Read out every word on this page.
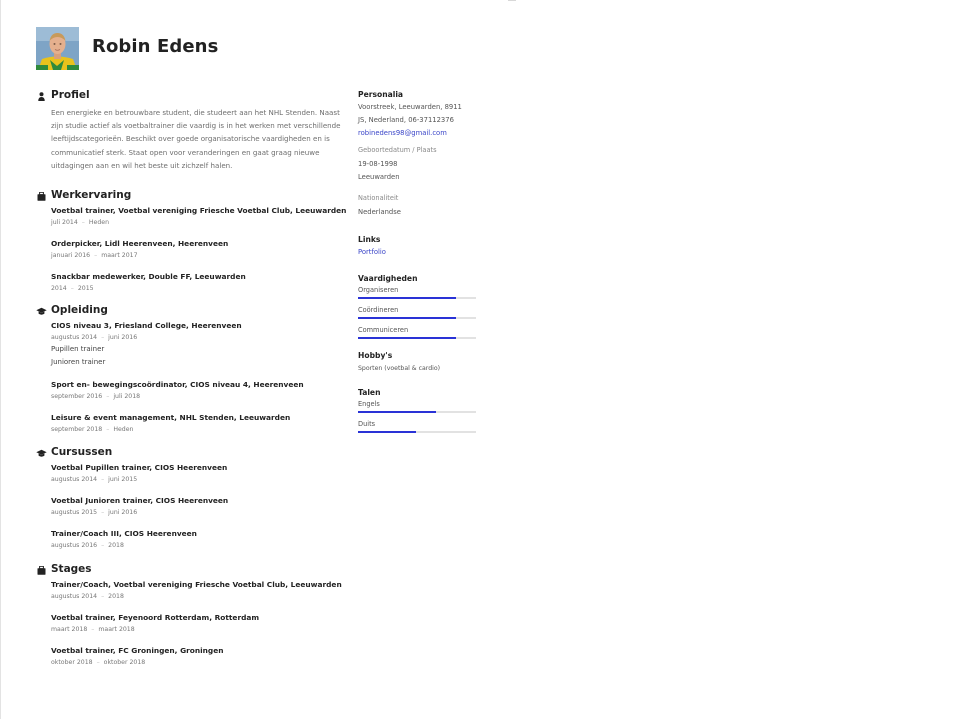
Robin Edens
Profiel
Een energieke en betrouwbare student, die studeert aan het NHL Stenden. Naast zijn studie actief als voetbaltrainer die vaardig is in het werken met verschillende leeftijdscategorieën. Beschikt over goede organisatorische vaardigheden en is communicatief sterk. Staat open voor veranderingen en gaat graag nieuwe uitdagingen aan en wil het beste uit zichzelf halen.
Werkervaring
Voetbal trainer, Voetbal vereniging Friesche Voetbal Club, Leeuwarden
juli 2014 – Heden
Orderpicker, Lidl Heerenveen, Heerenveen
januari 2016 – maart 2017
Snackbar medewerker, Double FF, Leeuwarden
2014 – 2015
Opleiding
CIOS niveau 3, Friesland College, Heerenveen
augustus 2014 – juni 2016
Pupillen trainer
Junioren trainer
Sport en- bewegingscoördinator, CIOS niveau 4, Heerenveen
september 2016 – juli 2018
Leisure & event management, NHL Stenden, Leeuwarden
september 2018 – Heden
Cursussen
Voetbal Pupillen trainer, CIOS Heerenveen
augustus 2014 – juni 2015
Voetbal Junioren trainer, CIOS Heerenveen
augustus 2015 – juni 2016
Trainer/Coach III, CIOS Heerenveen
augustus 2016 – 2018
Stages
Trainer/Coach, Voetbal vereniging Friesche Voetbal Club, Leeuwarden
augustus 2014 – 2018
Voetbal trainer, Feyenoord Rotterdam, Rotterdam
maart 2018 – maart 2018
Voetbal trainer, FC Groningen, Groningen
oktober 2018 – oktober 2018
Personalia
Voorstreek, Leeuwarden, 8911
JS, Nederland, 06-37112376
robinedens98@gmail.com
Geboortedatum / Plaats
19-08-1998
Leeuwarden
Nationaliteit
Nederlandse
Links
Portfolio
Vaardigheden
Organiseren
Coördineren
Communiceren
Hobby's
Sporten (voetbal & cardio)
Talen
Engels
Duits
